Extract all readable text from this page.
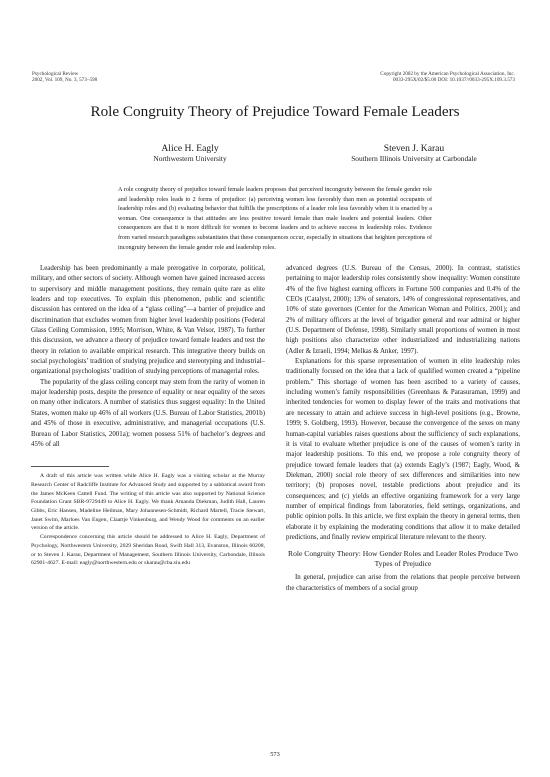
Psychological Review
2002, Vol. 109, No. 3, 573–598
Copyright 2002 by the American Psychological Association, Inc.
0033-295X/02/$5.00 DOI: 10.1037//0033-295X.109.3.573
Role Congruity Theory of Prejudice Toward Female Leaders
Alice H. Eagly
Northwestern University
Steven J. Karau
Southern Illinois University at Carbondale

A role congruity theory of prejudice toward female leaders proposes that perceived incongruity between the female gender role and leadership roles leads to 2 forms of prejudice: (a) perceiving women less favorably than men as potential occupants of leadership roles and (b) evaluating behavior that fulfills the prescriptions of a leader role less favorably when it is enacted by a woman. One consequence is that attitudes are less positive toward female than male leaders and potential leaders. Other consequences are that it is more difficult for women to become leaders and to achieve success in leadership roles. Evidence from varied research paradigms substantiates that these consequences occur, especially in situations that heighten perceptions of incongruity between the female gender role and leadership roles.

Leadership has been predominantly a male prerogative in corporate, political, military, and other sectors of society. Although women have gained increased access to supervisory and middle management positions, they remain quite rare as elite leaders and top executives. To explain this phenomenon, public and scientific discussion has centered on the idea of a “glass ceiling”—a barrier of prejudice and discrimination that excludes women from higher level leadership positions (Federal Glass Ceiling Commission, 1995; Morrison, White, & Van Velsor, 1987). To further this discussion, we advance a theory of prejudice toward female leaders and test the theory in relation to available empirical research. This integrative theory builds on social psychologists’ tradition of studying prejudice and stereotyping and industrial–organizational psychologists’ tradition of studying perceptions of managerial roles.

The popularity of the glass ceiling concept may stem from the rarity of women in major leadership posts, despite the presence of equality or near equality of the sexes on many other indicators. A number of statistics thus suggest equality: In the United States, women make up 46% of all workers (U.S. Bureau of Labor Statistics, 2001b) and 45% of those in executive, administrative, and managerial occupations (U.S. Bureau of Labor Statistics, 2001a); women possess 51% of bachelor’s degrees and 45% of all

A draft of this article was written while Alice H. Eagly was a visiting scholar at the Murray Research Center of Radcliffe Institute for Advanced Study and supported by a sabbatical award from the James McKeen Cattell Fund. The writing of this article was also supported by National Science Foundation Grant SBR-9729449 to Alice H. Eagly. We thank Amanda Diekman, Judith Hall, Lauren Gibbs, Eric Hansen, Madeline Heilman, Mary Johannesen-Schmidt, Richard Martell, Tracie Stewart, Janet Swim, Marloes Van Engen, Claartje Vinkenburg, and Wendy Wood for comments on an earlier version of the article.

Correspondence concerning this article should be addressed to Alice H. Eagly, Department of Psychology, Northwestern University, 2029 Sheridan Road, Swift Hall 313, Evanston, Illinois 60208, or to Steven J. Karau, Department of Management, Southern Illinois University, Carbondale, Illinois 62901-4627. E-mail: eagly@northwestern.edu or skarau@cba.siu.edu

advanced degrees (U.S. Bureau of the Census, 2000). In contrast, statistics pertaining to major leadership roles consistently show inequality: Women constitute 4% of the five highest earning officers in Fortune 500 companies and 0.4% of the CEOs (Catalyst, 2000); 13% of senators, 14% of congressional representatives, and 10% of state governors (Center for the American Woman and Politics, 2001); and 2% of military officers at the level of brigadier general and rear admiral or higher (U.S. Department of Defense, 1998). Similarly small proportions of women in most high positions also characterize other industrialized and industrializing nations (Adler & Izraeli, 1994; Melkas & Anker, 1997).

Explanations for this sparse representation of women in elite leadership roles traditionally focused on the idea that a lack of qualified women created a “pipeline problem.” This shortage of women has been ascribed to a variety of causes, including women’s family responsibilities (Greenhaus & Parasuraman, 1999) and inherited tendencies for women to display fewer of the traits and motivations that are necessary to attain and achieve success in high-level positions (e.g., Browne, 1999; S. Goldberg, 1993). However, because the convergence of the sexes on many human-capital variables raises questions about the sufficiency of such explanations, it is vital to evaluate whether prejudice is one of the causes of women’s rarity in major leadership positions. To this end, we propose a role congruity theory of prejudice toward female leaders that (a) extends Eagly’s (1987; Eagly, Wood, & Diekman, 2000) social role theory of sex differences and similarities into new territory; (b) proposes novel, testable predictions about prejudice and its consequences; and (c) yields an effective organizing framework for a very large number of empirical findings from laboratories, field settings, organizations, and public opinion polls. In this article, we first explain the theory in general terms, then elaborate it by explaining the moderating conditions that allow it to make detailed predictions, and finally review empirical literature relevant to the theory.

Role Congruity Theory: How Gender Roles and Leader Roles Produce Two Types of Prejudice

In general, prejudice can arise from the relations that people perceive between the characteristics of members of a social group

573
